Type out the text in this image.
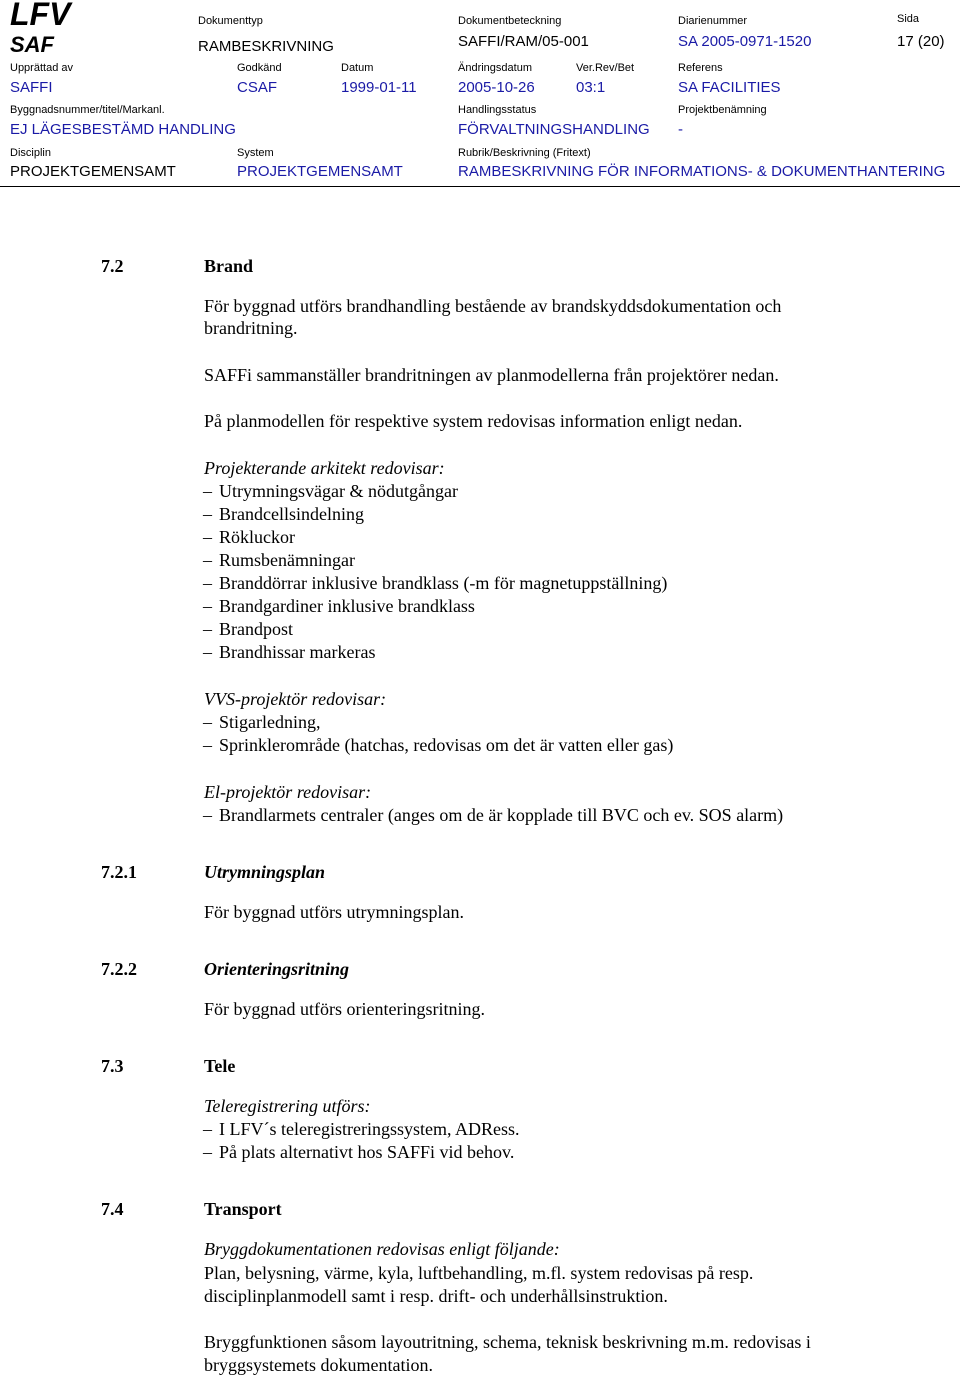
LFV
SAF
Dokumenttyp
RAMBESKRIVNING
Dokumentbeteckning
SAFFI/RAM/05-001
Diarienummer
SA 2005-0971-1520
Sida
17 (20)
Upprättad av
SAFFI
Godkänd
CSAF
Datum
1999-01-11
Ändringsdatum
2005-10-26
Ver.Rev/Bet
03:1
Referens
SA FACILITIES
Byggnadsnummer/titel/Markanl.
EJ LÄGESBESTÄMD HANDLING
Handlingsstatus
FÖRVALTNINGSHANDLING
Projektbenämning
-
Disciplin
PROJEKTGEMENSAMT
System
PROJEKTGEMENSAMT
Rubrik/Beskrivning (Fritext)
RAMBESKRIVNING FÖR INFORMATIONS- & DOKUMENTHANTERING
7.2	Brand
För byggnad utförs brandhandling bestående av brandskyddsdokumentation och
brandritning.
SAFFi sammanställer brandritningen av planmodellerna från projektörer nedan.
På planmodellen för respektive system redovisas information enligt nedan.
Projekterande arkitekt redovisar:
– Utrymningsvägar & nödutgångar
– Brandcellsindelning
– Rökluckor
– Rumsbenämningar
– Branddörrar inklusive brandklass (-m för magnetuppställning)
– Brandgardiner inklusive brandklass
– Brandpost
– Brandhissar markeras
VVS-projektör redovisar:
– Stigarledning,
– Sprinklerområde (hatchas, redovisas om det är vatten eller gas)
El-projektör redovisar:
– Brandlarmets centraler (anges om de är kopplade till BVC och ev. SOS alarm)
7.2.1	Utrymningsplan
För byggnad utförs utrymningsplan.
7.2.2	Orienteringsritning
För byggnad utförs orienteringsritning.
7.3	Tele
Teleregistrering utförs:
– I LFV´s teleregistreringssystem, ADRess.
– På plats alternativt hos SAFFi vid behov.
7.4	Transport
Bryggdokumentationen redovisas enligt följande:
Plan, belysning, värme, kyla, luftbehandling, m.fl. system redovisas på resp.
disciplinplanmodell samt i resp. drift- och underhållsinstruktion.
Bryggfunktionen såsom layoutritning, schema, teknisk beskrivning m.m. redovisas i
bryggsystemets dokumentation.
